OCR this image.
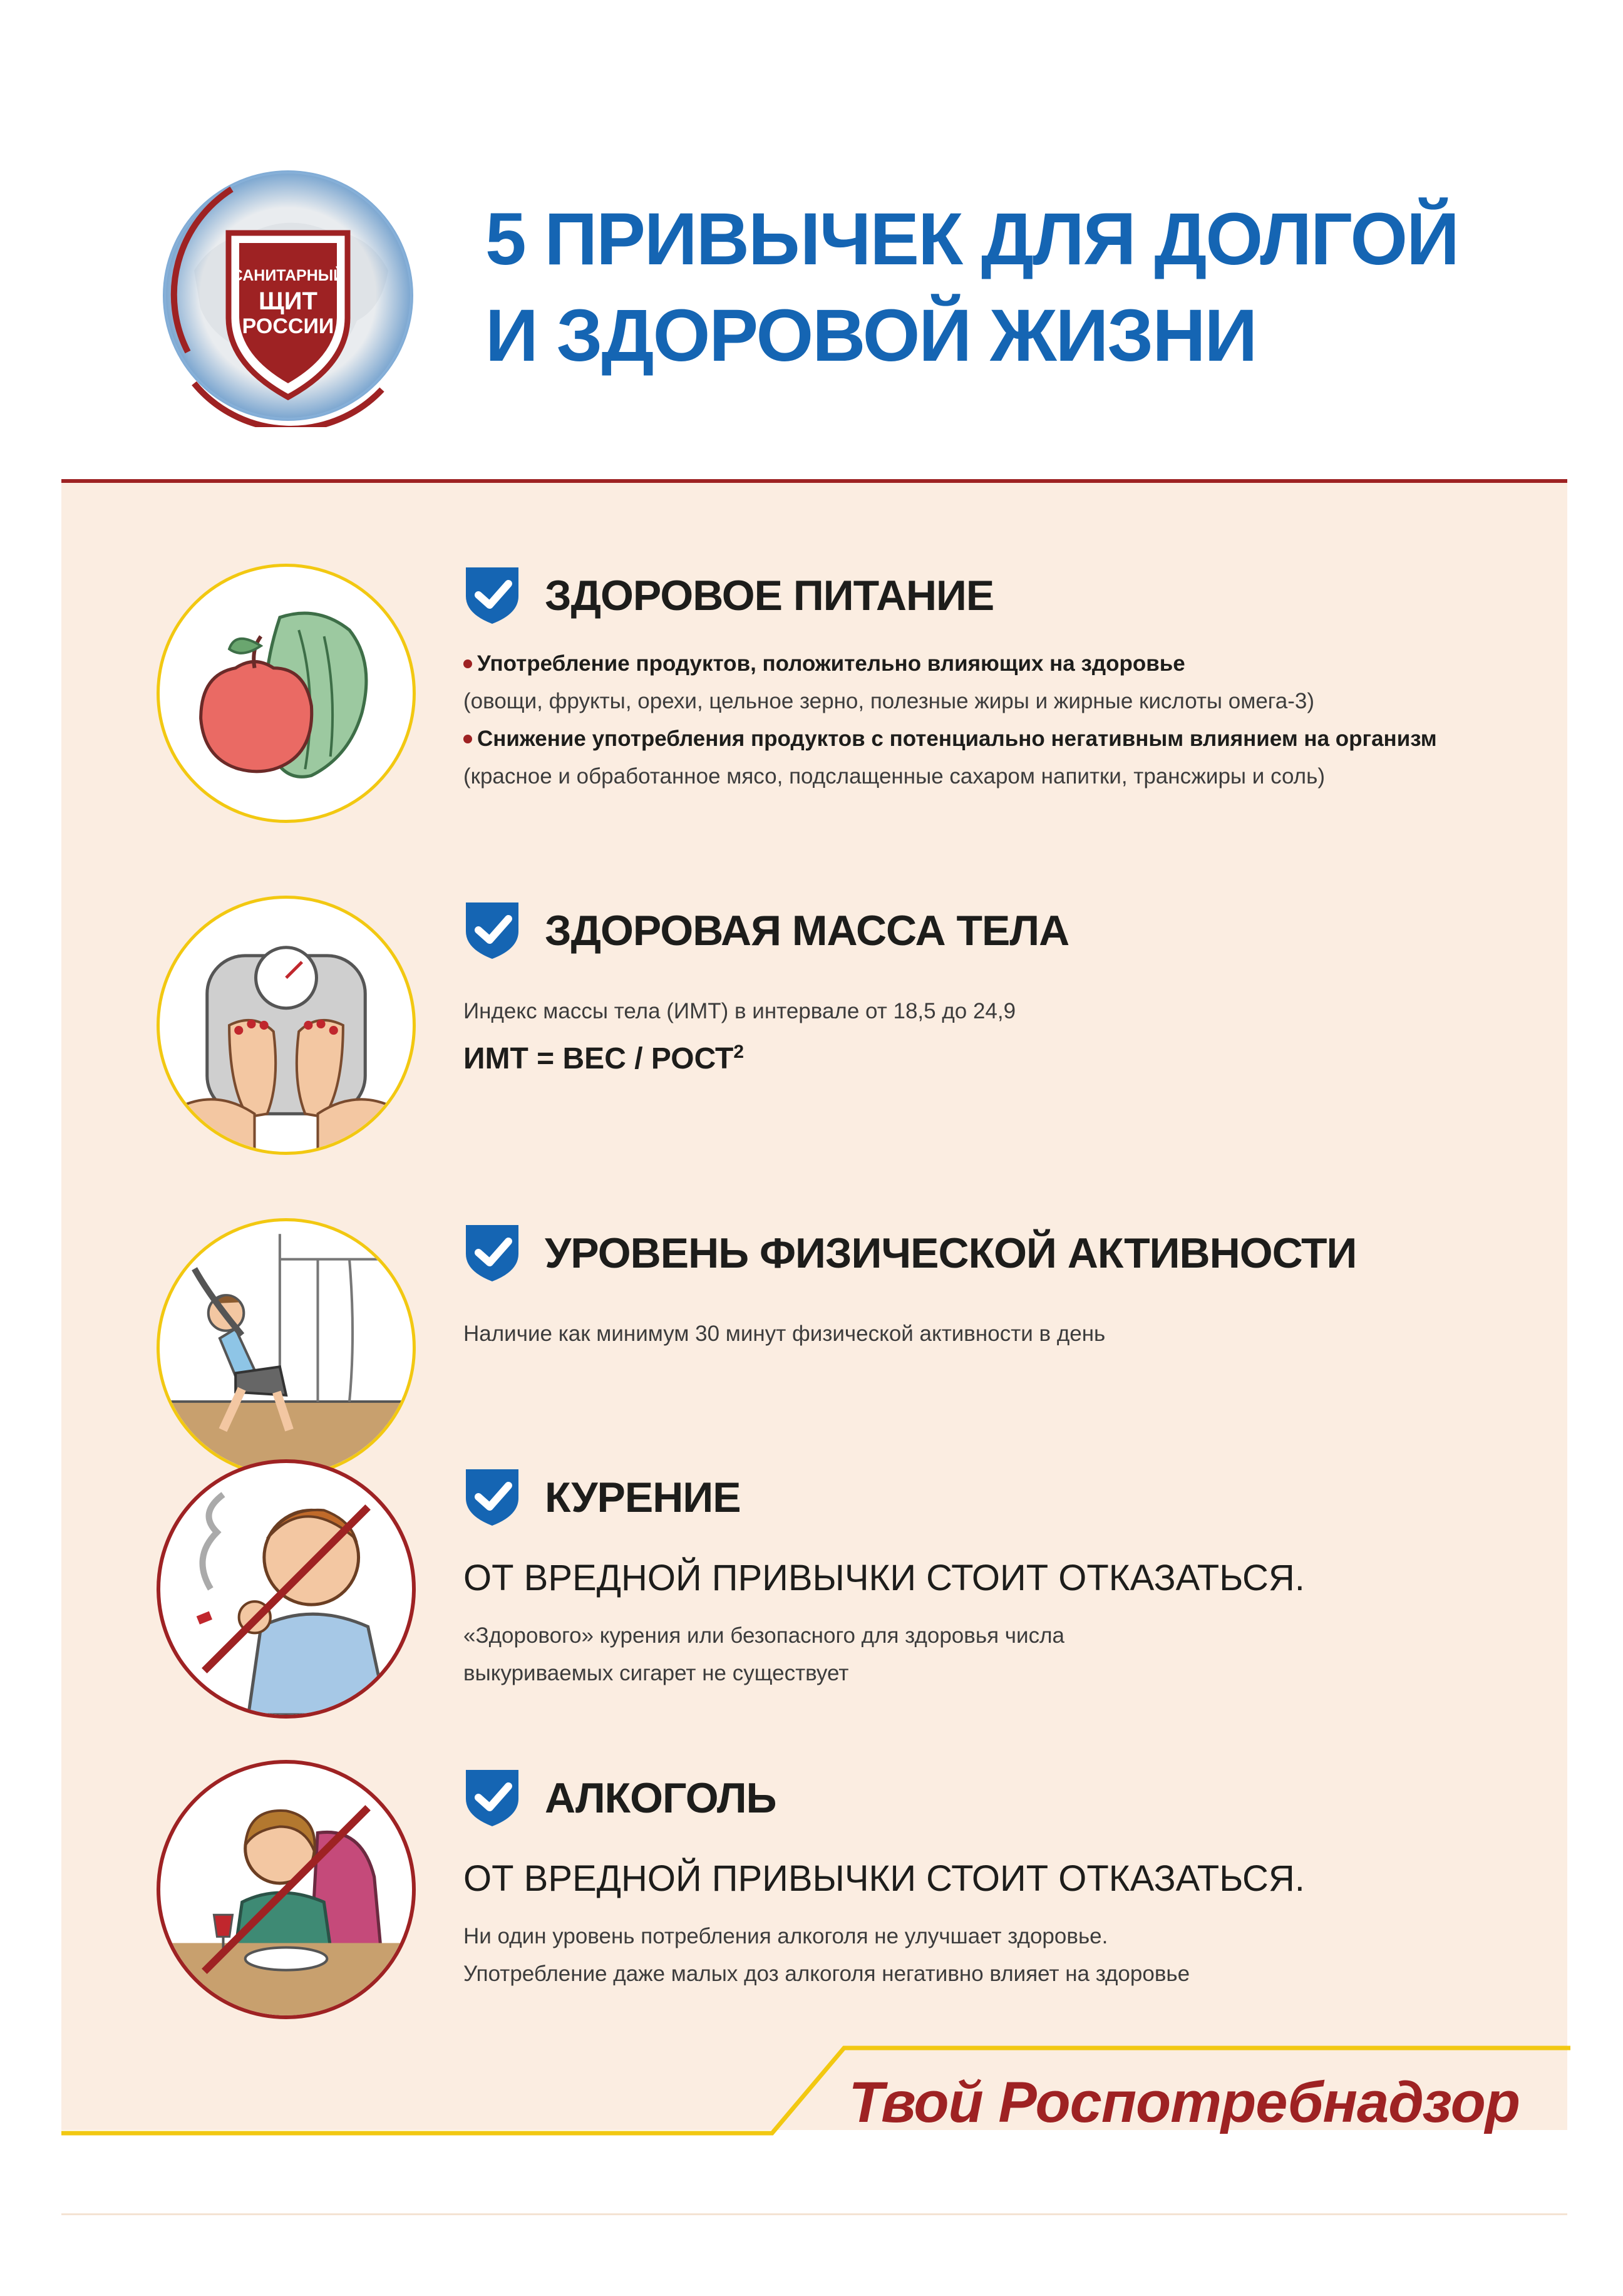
САНИТАРНЫЙ
ЩИТ
РОССИИ
5 ПРИВЫЧЕК ДЛЯ ДОЛГОЙ
И ЗДОРОВОЙ ЖИЗНИ
ЗДОРОВОЕ ПИТАНИЕ
Употребление продуктов, положительно влияющих на здоровье
(овощи, фрукты, орехи, цельное зерно, полезные жиры и жирные кислоты омега-3)
Снижение употребления продуктов с потенциально негативным влиянием на организм
(красное и обработанное мясо, подслащенные сахаром напитки, трансжиры и соль)
ЗДОРОВАЯ МАССА ТЕЛА
Индекс массы тела (ИМТ) в интервале от 18,5 до 24,9
ИМТ = ВЕС / РОСТ$^2$
УРОВЕНЬ ФИЗИЧЕСКОЙ АКТИВНОСТИ
Наличие как минимум 30 минут физической активности в день
КУРЕНИЕ
ОТ ВРЕДНОЙ ПРИВЫЧКИ СТОИТ ОТКАЗАТЬСЯ.
«Здорового» курения или безопасного для здоровья числа
выкуриваемых сигарет не существует
АЛКОГОЛЬ
ОТ ВРЕДНОЙ ПРИВЫЧКИ СТОИТ ОТКАЗАТЬСЯ.
Ни один уровень потребления алкоголя не улучшает здоровье.
Употребление даже малых доз алкоголя негативно влияет на здоровье
Твой Роспотребнадзор
